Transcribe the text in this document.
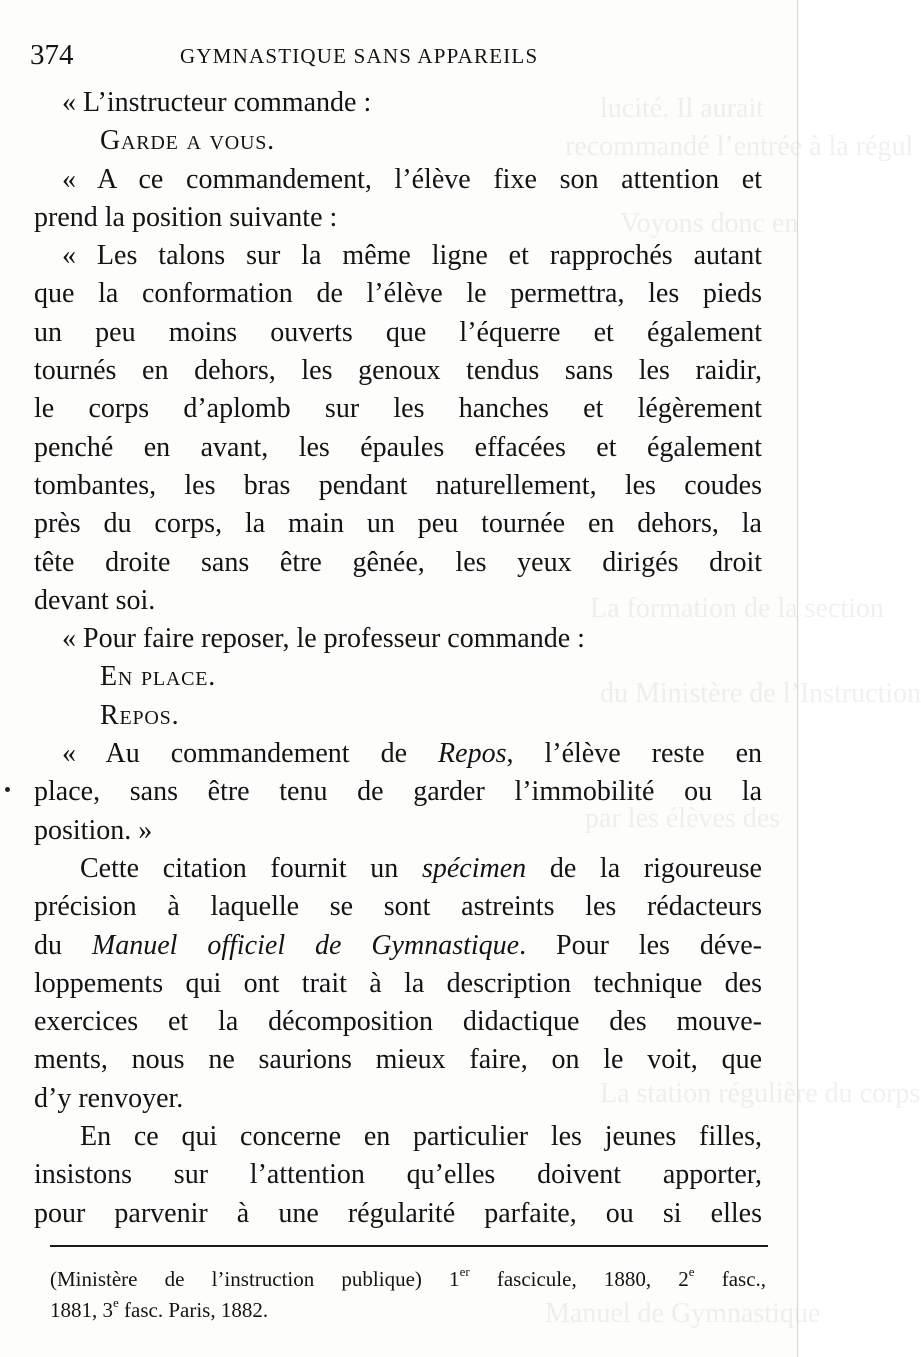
lucité. Il aurait
recommandé l’entrée à la régul
Voyons donc en
La formation de la section
du Ministère de l’Instruction
par les élèves des
La station régulière du corps
Manuel de Gymnastique
374	GYMNASTIQUE SANS APPAREILS
« L’instructeur commande :
Garde a vous.
« A ce commandement, l’élève fixe son attention et
prend la position suivante :
« Les talons sur la même ligne et rapprochés autant
que la conformation de l’élève le permettra, les pieds
un peu moins ouverts que l’équerre et également
tournés en dehors, les genoux tendus sans les raidir,
le corps d’aplomb sur les hanches et légèrement
penché en avant, les épaules effacées et également
tombantes, les bras pendant naturellement, les coudes
près du corps, la main un peu tournée en dehors, la
tête droite sans être gênée, les yeux dirigés droit
devant soi.
« Pour faire reposer, le professeur commande :
En place.
Repos.
« Au commandement de Repos, l’élève reste en
place, sans être tenu de garder l’immobilité ou la
position. »
Cette citation fournit un spécimen de la rigoureuse
précision à laquelle se sont astreints les rédacteurs
du Manuel officiel de Gymnastique. Pour les déve-
loppements qui ont trait à la description technique des
exercices et la décomposition didactique des mouve-
ments, nous ne saurions mieux faire, on le voit, que
d’y renvoyer.
En ce qui concerne en particulier les jeunes filles,
insistons sur l’attention qu’elles doivent apporter,
pour parvenir à une régularité parfaite, ou si elles
(Ministère de l’instruction publique) 1er fascicule, 1880, 2e fasc.,
1881, 3e fasc. Paris, 1882.
